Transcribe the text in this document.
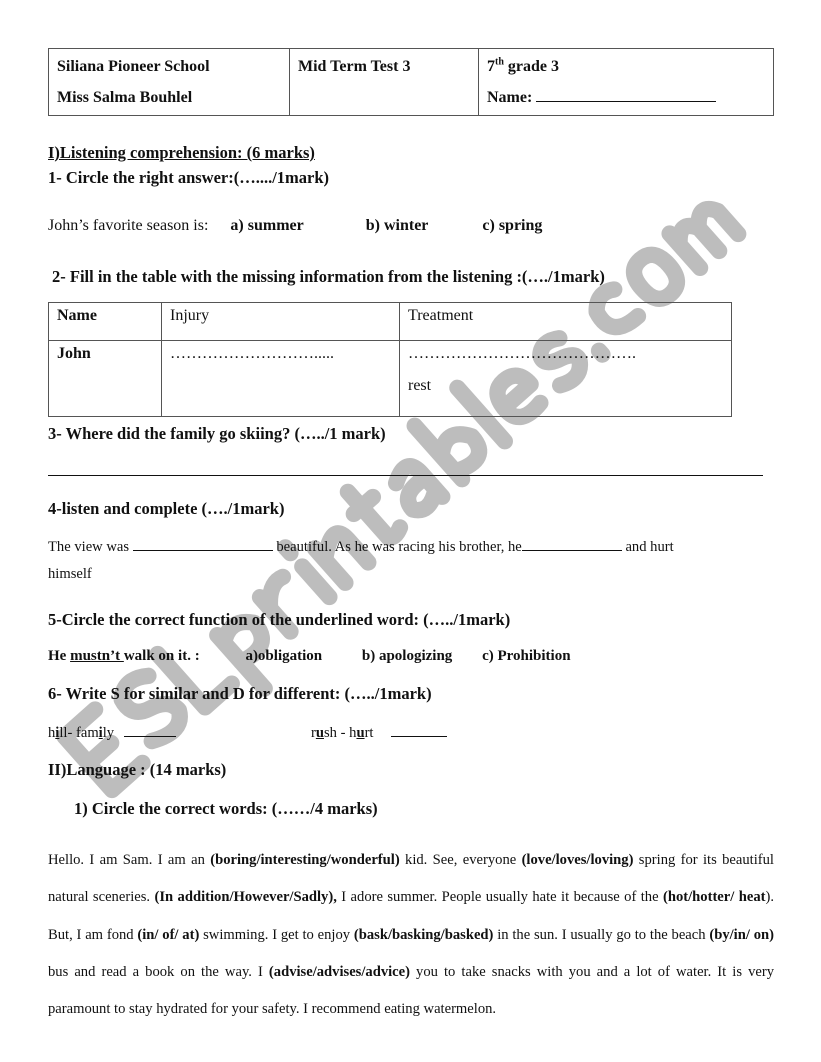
Siliana Pioneer School
Miss Salma Bouhlel

Mid Term Test 3	7th grade 3
Name:
I)Listening comprehension: (6 marks)
1- Circle the right answer:(…..../1mark)
John’s favorite season is: a) summer	b) winter	c) spring
2- Fill in the table with the missing information from the listening :(…./1mark)
Name	Injury	Treatment
John	……………………….....	…………………………………….
rest
3- Where did the family go skiing? (…../1 mark)
4-listen and complete (…./1mark)
The view was	beautiful. As he was racing his brother, he	and hurt
himself
5-Circle the correct function of the underlined word: (…../1mark)
He mustn’t walk on it. :	a)obligation	b) apologizing c) Prohibition
6- Write S for similar and D for different: (…../1mark)
hill- family	rush - hurt
II)Language : (14 marks)
1) Circle the correct words: (……/4 marks)
Hello. I am Sam. I am an (boring/interesting/wonderful) kid. See, everyone (love/loves/loving) spring for its beautiful natural sceneries. (In addition/However/Sadly), I adore summer. People usually hate it because of the (hot/hotter/ heat). But, I am fond (in/ of/ at) swimming. I get to enjoy (bask/basking/basked) in the sun. I usually go to the beach (by/in/ on) bus and read a book on the way. I (advise/advises/advice) you to take snacks with you and a lot of water. It is very paramount to stay hydrated for your safety. I recommend eating watermelon.
